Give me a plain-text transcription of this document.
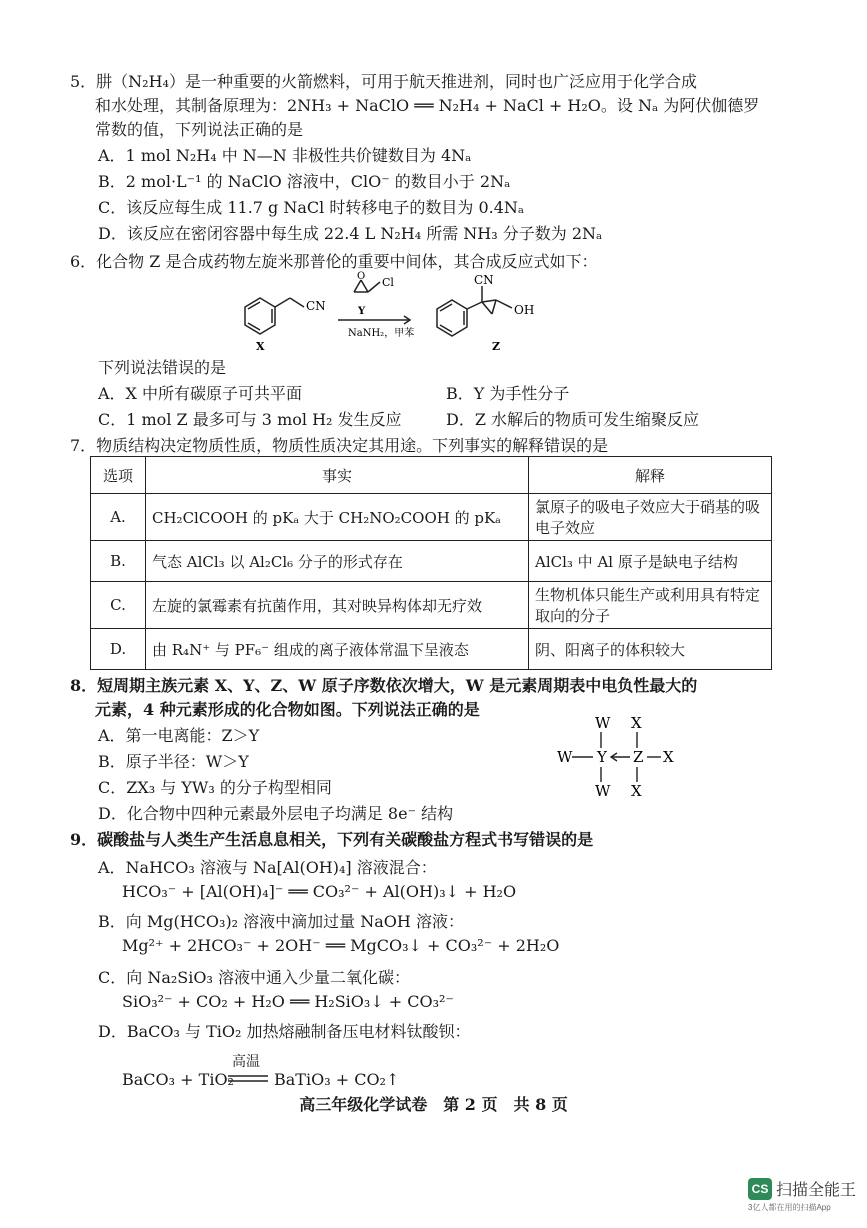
5．肼（N₂H₄）是一种重要的火箭燃料，可用于航天推进剂，同时也广泛应用于化学合成
和水处理，其制备原理为：2NH₃ + NaClO ══ N₂H₄ + NaCl + H₂O。设 Nₐ 为阿伏伽德罗
常数的值，下列说法正确的是
A．1 mol N₂H₄ 中 N—N 非极性共价键数目为 4Nₐ
B．2 mol·L⁻¹ 的 NaClO 溶液中，ClO⁻ 的数目小于 2Nₐ
C．该反应每生成 11.7 g NaCl 时转移电子的数目为 0.4Nₐ
D．该反应在密闭容器中每生成 22.4 L N₂H₄ 所需 NH₃ 分子数为 2Nₐ
6．化合物 Z 是合成药物左旋米那普伦的重要中间体，其合成反应式如下：
CN
X
O Cl
Y
NaNH₂，甲苯
CN
OH
Z
下列说法错误的是
A．X 中所有碳原子可共平面	B．Y 为手性分子
C．1 mol Z 最多可与 3 mol H₂ 发生反应	D．Z 水解后的物质可发生缩聚反应
7．物质结构决定物质性质，物质性质决定其用途。下列事实的解释错误的是
选项	事实	解释
A.	CH₂ClCOOH 的 pKₐ 大于 CH₂NO₂COOH 的 pKₐ	氯原子的吸电子效应大于硝基的吸电子效应
B.	气态 AlCl₃ 以 Al₂Cl₆ 分子的形式存在	AlCl₃ 中 Al 原子是缺电子结构
C.	左旋的氯霉素有抗菌作用，其对映异构体却无疗效	生物机体只能生产或利用具有特定取向的分子
D.	由 R₄N⁺ 与 PF₆⁻ 组成的离子液体常温下呈液态	阴、阳离子的体积较大
8．短周期主族元素 X、Y、Z、W 原子序数依次增大，W 是元素周期表中电负性最大的
元素，4 种元素形成的化合物如图。下列说法正确的是
A．第一电离能：Z＞Y
B．原子半径：W＞Y
C．ZX₃ 与 YW₃ 的分子构型相同
D．化合物中四种元素最外层电子均满足 8e⁻ 结构
W X
W Y Z X
W X
9．碳酸盐与人类生产生活息息相关，下列有关碳酸盐方程式书写错误的是
A．NaHCO₃ 溶液与 Na[Al(OH)₄] 溶液混合：
HCO₃⁻ + [Al(OH)₄]⁻ ══ CO₃²⁻ + Al(OH)₃↓ + H₂O
B．向 Mg(HCO₃)₂ 溶液中滴加过量 NaOH 溶液：
Mg²⁺ + 2HCO₃⁻ + 2OH⁻ ══ MgCO₃↓ + CO₃²⁻ + 2H₂O
C．向 Na₂SiO₃ 溶液中通入少量二氧化碳：
SiO₃²⁻ + CO₂ + H₂O ══ H₂SiO₃↓ + CO₃²⁻
D．BaCO₃ 与 TiO₂ 加热熔融制备压电材料钛酸钡：
高温
BaCO₃ + TiO₂	BaTiO₃ + CO₂↑
高三年级化学试卷　第 2 页　共 8 页
CS 扫描全能王
3亿人都在用的扫描App
